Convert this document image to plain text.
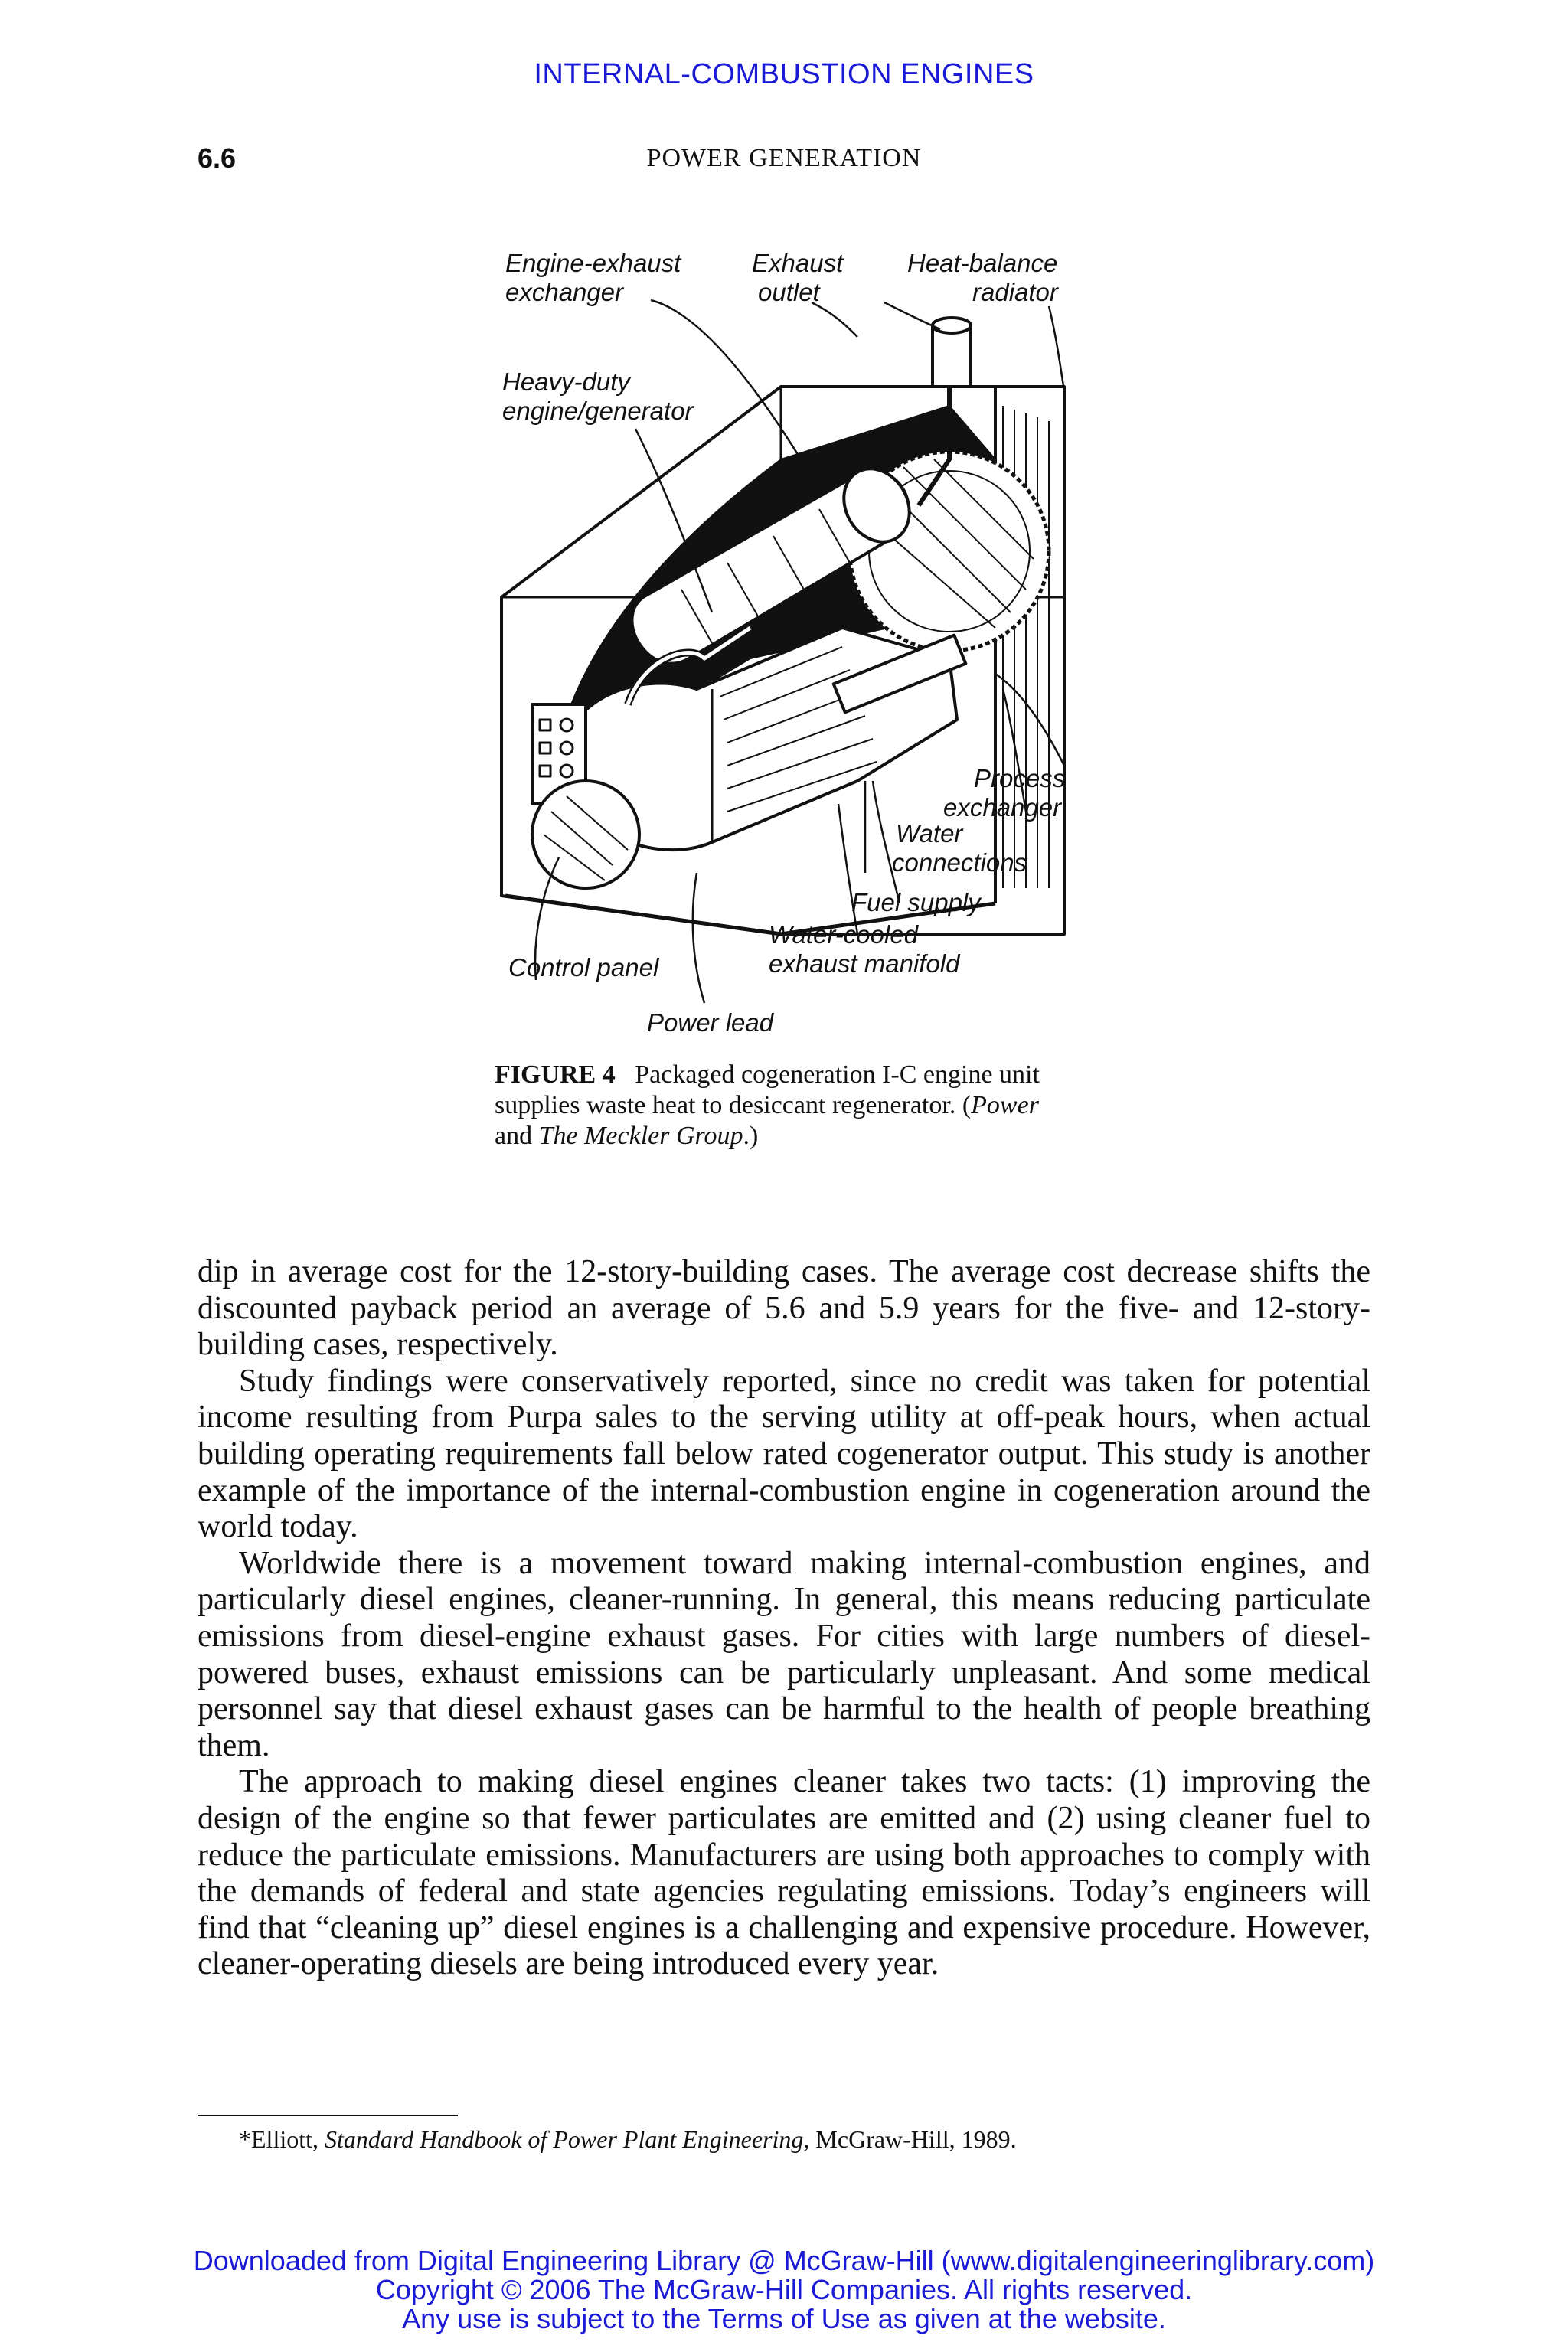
INTERNAL-COMBUSTION ENGINES
6.6	POWER GENERATION
Engine-exhaust
exchanger
Exhaust
outlet
Heat-balance
radiator
Heavy-duty
engine/generator
Process
exchanger
Water
connections
Fuel supply
Water-cooled
exhaust manifold
Control panel
Power lead
FIGURE 4 Packaged cogeneration I-C engine unit supplies waste heat to desiccant regenerator. (Power and The Meckler Group.)

dip in average cost for the 12-story-building cases. The average cost decrease shifts the discounted payback period an average of 5.6 and 5.9 years for the five- and 12-story-building cases, respectively.

Study findings were conservatively reported, since no credit was taken for potential income resulting from Purpa sales to the serving utility at off-peak hours, when actual building operating requirements fall below rated cogenerator output. This study is another example of the importance of the internal-combustion engine in cogeneration around the world today.

Worldwide there is a movement toward making internal-combustion engines, and particularly diesel engines, cleaner-running. In general, this means reducing particulate emissions from diesel-engine exhaust gases. For cities with large numbers of diesel-powered buses, exhaust emissions can be particularly unpleasant. And some medical personnel say that diesel exhaust gases can be harmful to the health of people breathing them.

The approach to making diesel engines cleaner takes two tacts: (1) improving the design of the engine so that fewer particulates are emitted and (2) using cleaner fuel to reduce the particulate emissions. Manufacturers are using both approaches to comply with the demands of federal and state agencies regulating emissions. Today’s engineers will find that “cleaning up” diesel engines is a challenging and expensive procedure. However, cleaner-operating diesels are being introduced every year.

*Elliott, Standard Handbook of Power Plant Engineering, McGraw-Hill, 1989.
Downloaded from Digital Engineering Library @ McGraw-Hill (www.digitalengineeringlibrary.com)
Copyright © 2006 The McGraw-Hill Companies. All rights reserved.
Any use is subject to the Terms of Use as given at the website.
